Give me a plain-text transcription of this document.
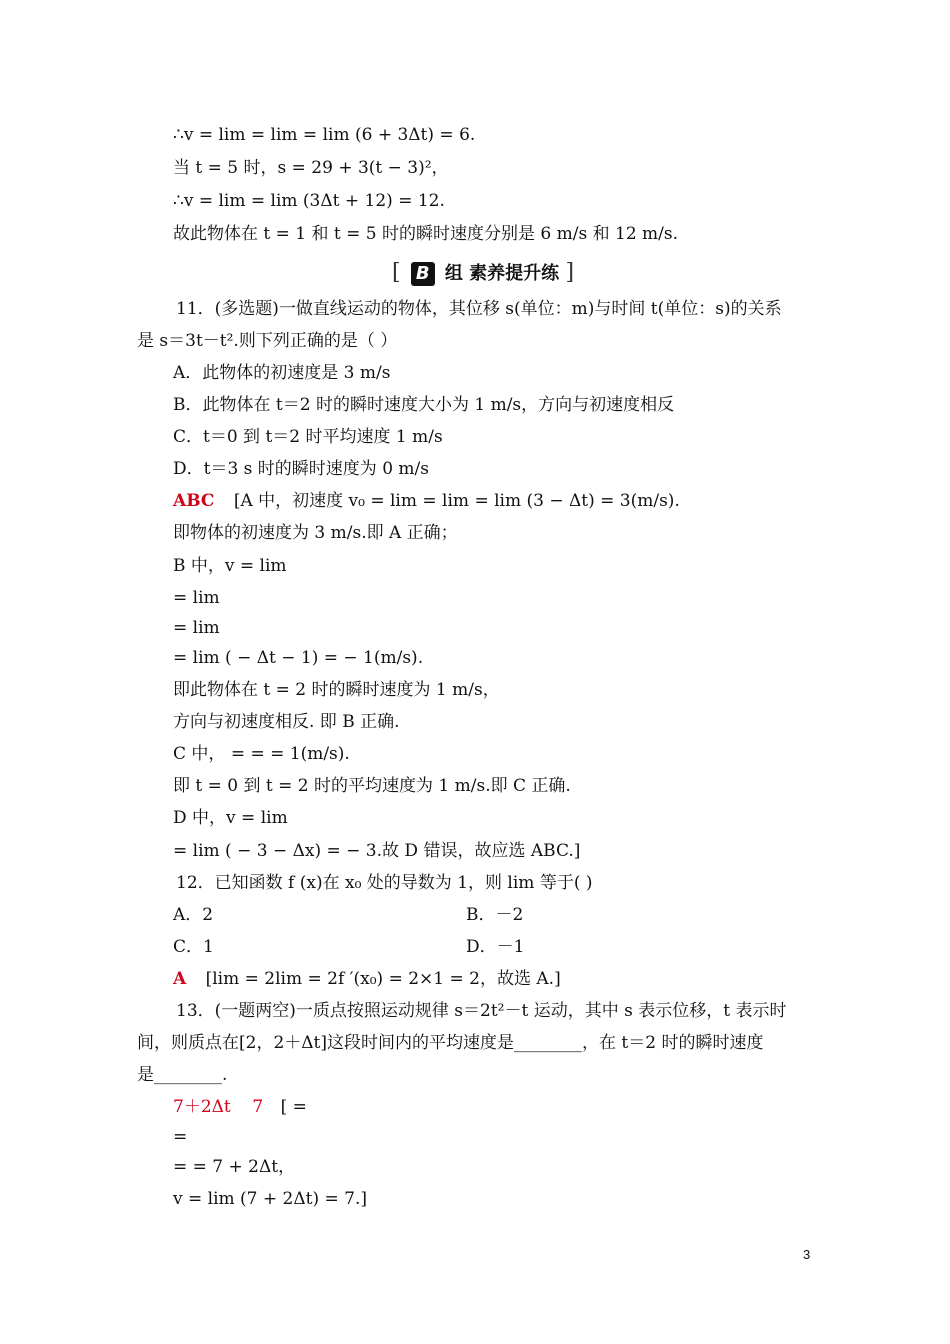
∴v = lim = lim = lim (6 + 3Δt) = 6.
当 t = 5 时，s = 29 + 3(t − 3)²，
∴v = lim = lim (3Δt + 12) = 12.
故此物体在 t = 1 和 t = 5 时的瞬时速度分别是 6 m/s 和 12 m/s.
[ B 组 素养提升练 ]
11．(多选题)一做直线运动的物体，其位移 s(单位：m)与时间 t(单位：s)的关系
是 s＝3t－t².则下列正确的是（ ）
A．此物体的初速度是 3 m/s
B．此物体在 t＝2 时的瞬时速度大小为 1 m/s，方向与初速度相反
C．t＝0 到 t＝2 时平均速度 1 m/s
D．t＝3 s 时的瞬时速度为 0 m/s
ABC [A 中，初速度 v₀ = lim = lim = lim (3 − Δt) = 3(m/s).
即物体的初速度为 3 m/s.即 A 正确；
B 中，v = lim
= lim
= lim
= lim ( − Δt − 1) = − 1(m/s).
即此物体在 t = 2 时的瞬时速度为 1 m/s，
方向与初速度相反. 即 B 正确.
C 中， = = = 1(m/s).
即 t = 0 到 t = 2 时的平均速度为 1 m/s.即 C 正确.
D 中，v = lim
= lim ( − 3 − Δx) = − 3.故 D 错误，故应选 ABC.]
12．已知函数 f (x)在 x₀ 处的导数为 1，则 lim 等于( )
A．2	B．－2
C．1	D．－1
A [lim = 2lim = 2f ′(x₀) = 2×1 = 2，故选 A.]
13．(一题两空)一质点按照运动规律 s＝2t²－t 运动，其中 s 表示位移，t 表示时
间，则质点在[2，2＋Δt]这段时间内的平均速度是________，在 t＝2 时的瞬时速度
是________.
7＋2Δt    7 [ =
=
= = 7 + 2Δt，
v = lim (7 + 2Δt) = 7.]
3
